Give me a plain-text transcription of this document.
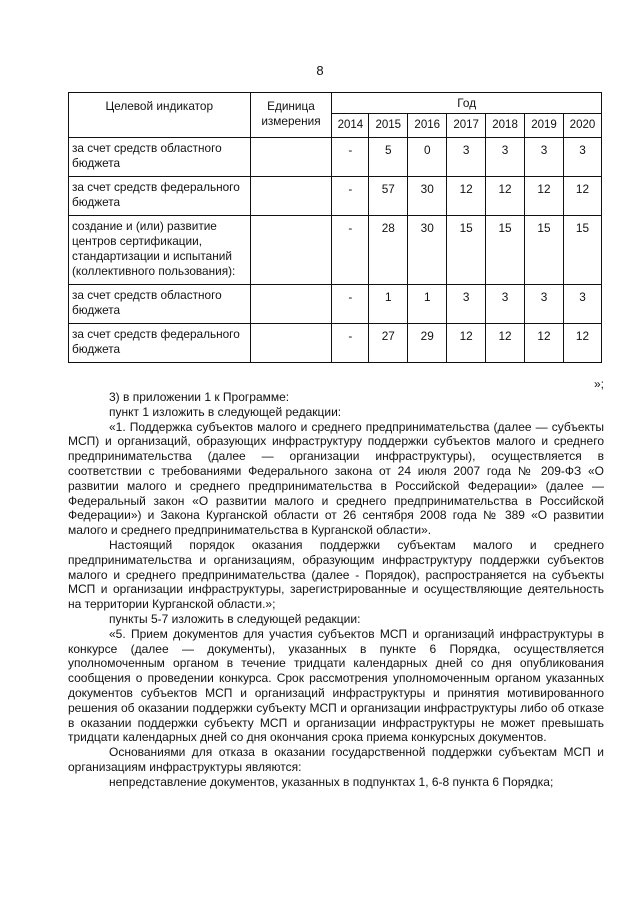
8
Целевой индикатор	Единица измерения	Год						
		2014	2015	2016	2017	2018	2019	2020
за счет средств областного бюджета		-	5	0	3	3	3	3
за счет средств федерального бюджета		-	57	30	12	12	12	12
создание и (или) развитие центров сертификации, стандартизации и испытаний (коллективного пользования):		-	28	30	15	15	15	15
за счет средств областного бюджета		-	1	1	3	3	3	3
за счет средств федерального бюджета		-	27	29	12	12	12	12
»;

3) в приложении 1 к Программе:

пункт 1 изложить в следующей редакции:

«1. Поддержка субъектов малого и среднего предпринимательства (далее — субъекты МСП) и организаций, образующих инфраструктуру поддержки субъектов малого и среднего предпринимательства (далее — организации инфраструктуры), осуществляется в соответствии с требованиями Федерального закона от 24 июля 2007 года № 209-ФЗ «О развитии малого и среднего предпринимательства в Российской Федерации» (далее — Федеральный закон «О развитии малого и среднего предпринимательства в Российской Федерации») и Закона Курганской области от 26 сентября 2008 года № 389 «О развитии малого и среднего предпринимательства в Курганской области».

Настоящий порядок оказания поддержки субъектам малого и среднего предпринимательства и организациям, образующим инфраструктуру поддержки субъектов малого и среднего предпринимательства (далее - Порядок), распространяется на субъекты МСП и организации инфраструктуры, зарегистрированные и осуществляющие деятельность на территории Курганской области.»;

пункты 5-7 изложить в следующей редакции:

«5. Прием документов для участия субъектов МСП и организаций инфраструктуры в конкурсе (далее — документы), указанных в пункте 6 Порядка, осуществляется уполномоченным органом в течение тридцати календарных дней со дня опубликования сообщения о проведении конкурса. Срок рассмотрения уполномоченным органом указанных документов субъектов МСП и организаций инфраструктуры и принятия мотивированного решения об оказании поддержки субъекту МСП и организации инфраструктуры либо об отказе в оказании поддержки субъекту МСП и организации инфраструктуры не может превышать тридцати календарных дней со дня окончания срока приема конкурсных документов.

Основаниями для отказа в оказании государственной поддержки субъектам МСП и организациям инфраструктуры являются:

непредставление документов, указанных в подпунктах 1, 6-8 пункта 6 Порядка;
